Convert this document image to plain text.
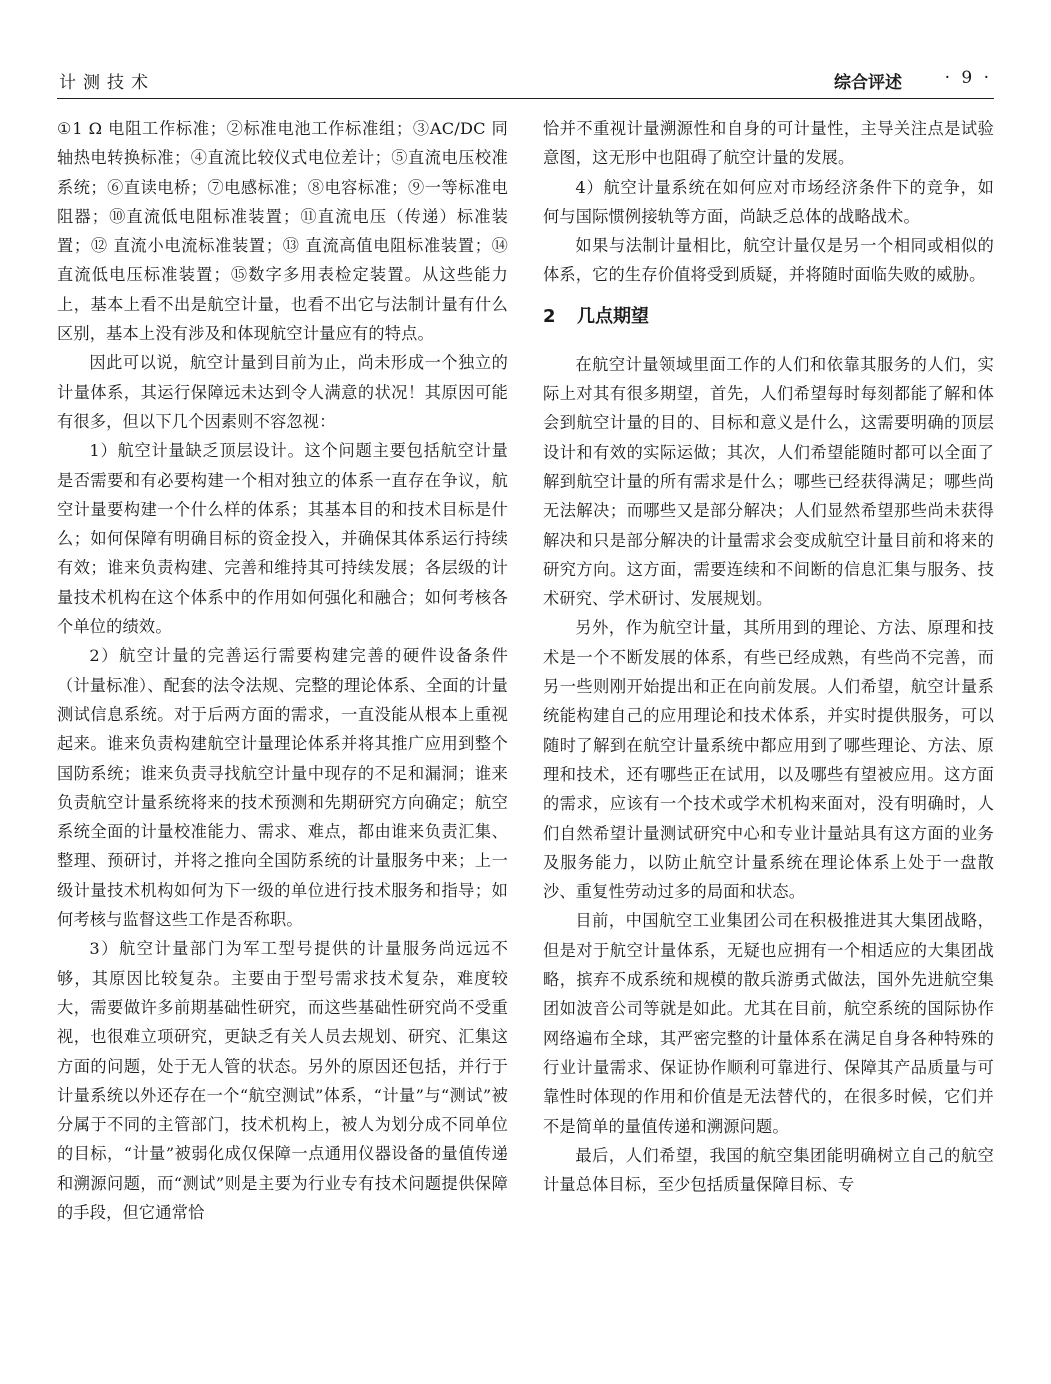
计测技术	综合评述	· 9 ·

①1 Ω 电阻工作标准；②标准电池工作标准组；③AC/DC 同轴热电转换标准；④直流比较仪式电位差计；⑤直流电压校准系统；⑥直读电桥；⑦电感标准；⑧电容标准；⑨一等标准电阻器；⑩直流低电阻标准装置；⑪直流电压（传递）标准装置；⑫ 直流小电流标准装置；⑬ 直流高值电阻标准装置；⑭直流低电压标准装置；⑮数字多用表检定装置。从这些能力上，基本上看不出是航空计量，也看不出它与法制计量有什么区别，基本上没有涉及和体现航空计量应有的特点。

因此可以说，航空计量到目前为止，尚未形成一个独立的计量体系，其运行保障远未达到令人满意的状况！其原因可能有很多，但以下几个因素则不容忽视：

1）航空计量缺乏顶层设计。这个问题主要包括航空计量是否需要和有必要构建一个相对独立的体系一直存在争议，航空计量要构建一个什么样的体系；其基本目的和技术目标是什么；如何保障有明确目标的资金投入，并确保其体系运行持续有效；谁来负责构建、完善和维持其可持续发展；各层级的计量技术机构在这个体系中的作用如何强化和融合；如何考核各个单位的绩效。

2）航空计量的完善运行需要构建完善的硬件设备条件（计量标准）、配套的法令法规、完整的理论体系、全面的计量测试信息系统。对于后两方面的需求，一直没能从根本上重视起来。谁来负责构建航空计量理论体系并将其推广应用到整个国防系统；谁来负责寻找航空计量中现存的不足和漏洞；谁来负责航空计量系统将来的技术预测和先期研究方向确定；航空系统全面的计量校准能力、需求、难点，都由谁来负责汇集、整理、预研讨，并将之推向全国防系统的计量服务中来；上一级计量技术机构如何为下一级的单位进行技术服务和指导；如何考核与监督这些工作是否称职。

3）航空计量部门为军工型号提供的计量服务尚远远不够，其原因比较复杂。主要由于型号需求技术复杂，难度较大，需要做许多前期基础性研究，而这些基础性研究尚不受重视，也很难立项研究，更缺乏有关人员去规划、研究、汇集这方面的问题，处于无人管的状态。另外的原因还包括，并行于计量系统以外还存在一个“航空测试”体系，“计量”与“测试”被分属于不同的主管部门，技术机构上，被人为划分成不同单位的目标，“计量”被弱化成仅保障一点通用仪器设备的量值传递和溯源问题，而“测试”则是主要为行业专有技术问题提供保障的手段，但它通常恰

恰并不重视计量溯源性和自身的可计量性，主导关注点是试验意图，这无形中也阻碍了航空计量的发展。

4）航空计量系统在如何应对市场经济条件下的竞争，如何与国际惯例接轨等方面，尚缺乏总体的战略战术。

如果与法制计量相比，航空计量仅是另一个相同或相似的体系，它的生存价值将受到质疑，并将随时面临失败的威胁。

2 几点期望

在航空计量领域里面工作的人们和依靠其服务的人们，实际上对其有很多期望，首先，人们希望每时每刻都能了解和体会到航空计量的目的、目标和意义是什么，这需要明确的顶层设计和有效的实际运做；其次，人们希望能随时都可以全面了解到航空计量的所有需求是什么；哪些已经获得满足；哪些尚无法解决；而哪些又是部分解决；人们显然希望那些尚未获得解决和只是部分解决的计量需求会变成航空计量目前和将来的研究方向。这方面，需要连续和不间断的信息汇集与服务、技术研究、学术研讨、发展规划。

另外，作为航空计量，其所用到的理论、方法、原理和技术是一个不断发展的体系，有些已经成熟，有些尚不完善，而另一些则刚开始提出和正在向前发展。人们希望，航空计量系统能构建自己的应用理论和技术体系，并实时提供服务，可以随时了解到在航空计量系统中都应用到了哪些理论、方法、原理和技术，还有哪些正在试用，以及哪些有望被应用。这方面的需求，应该有一个技术或学术机构来面对，没有明确时，人们自然希望计量测试研究中心和专业计量站具有这方面的业务及服务能力，以防止航空计量系统在理论体系上处于一盘散沙、重复性劳动过多的局面和状态。

目前，中国航空工业集团公司在积极推进其大集团战略，但是对于航空计量体系，无疑也应拥有一个相适应的大集团战略，摈弃不成系统和规模的散兵游勇式做法，国外先进航空集团如波音公司等就是如此。尤其在目前，航空系统的国际协作网络遍布全球，其严密完整的计量体系在满足自身各种特殊的行业计量需求、保证协作顺利可靠进行、保障其产品质量与可靠性时体现的作用和价值是无法替代的，在很多时候，它们并不是简单的量值传递和溯源问题。

最后，人们希望，我国的航空集团能明确树立自己的航空计量总体目标，至少包括质量保障目标、专
